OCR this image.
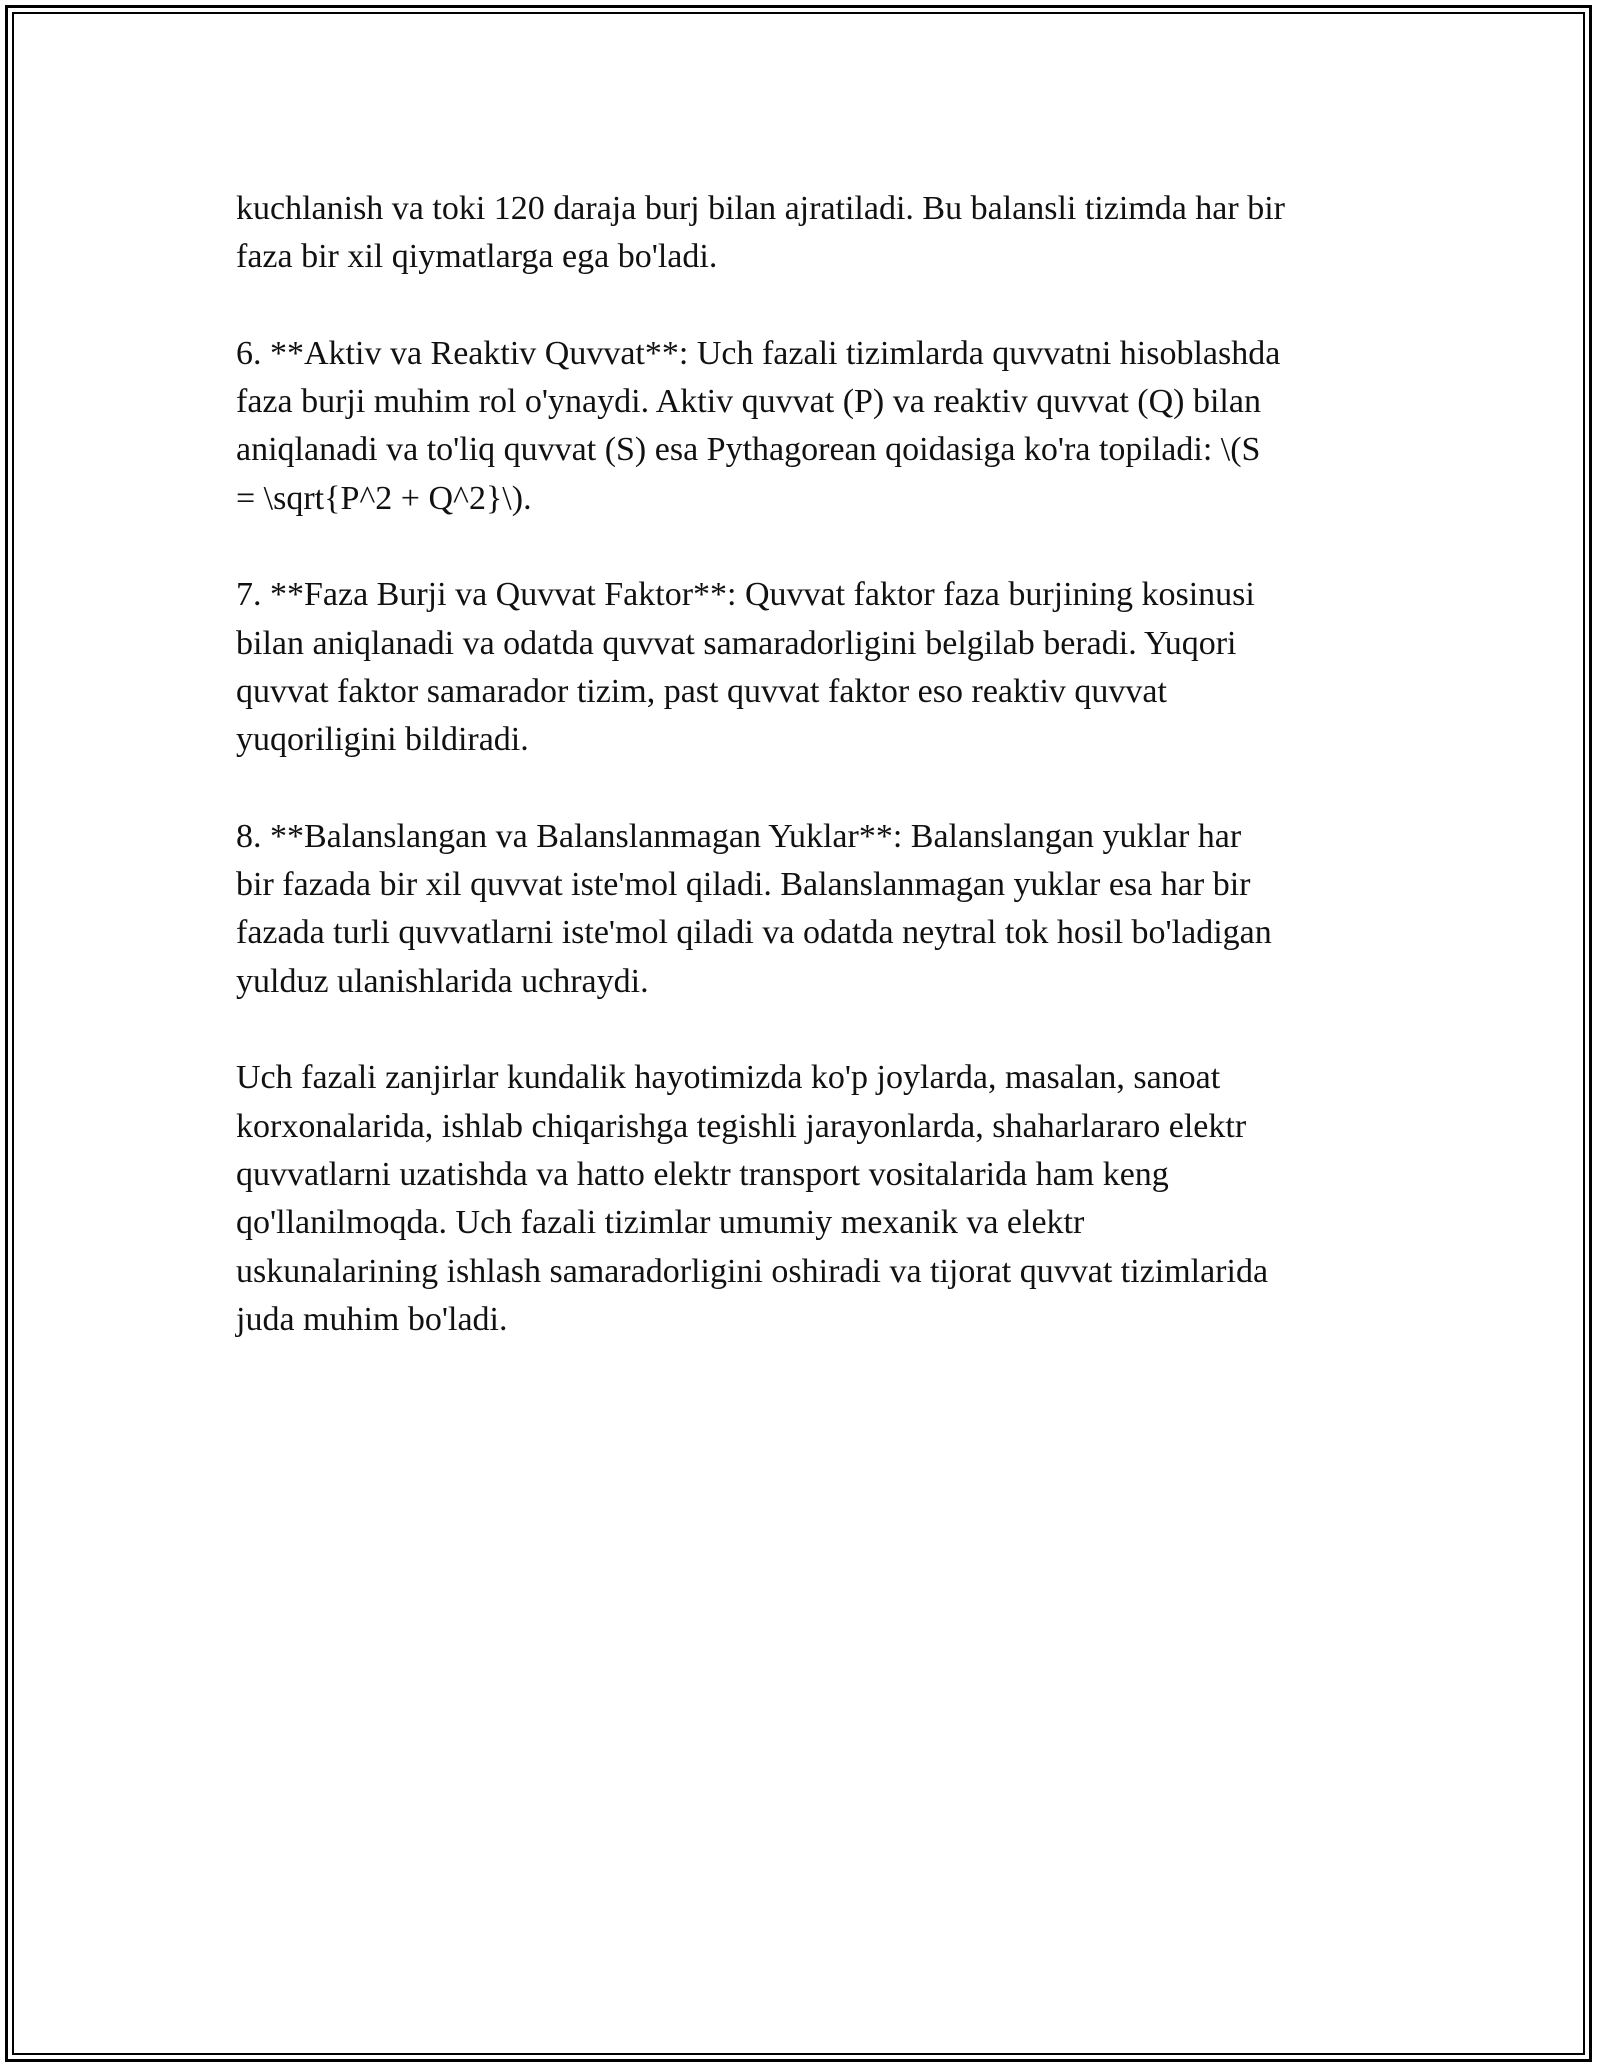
kuchlanish va toki 120 daraja burj bilan ajratiladi. Bu balansli tizimda har bir
faza bir xil qiymatlarga ega bo'ladi.

6. **Aktiv va Reaktiv Quvvat**: Uch fazali tizimlarda quvvatni hisoblashda
faza burji muhim rol o'ynaydi. Aktiv quvvat (P) va reaktiv quvvat (Q) bilan
aniqlanadi va to'liq quvvat (S) esa Pythagorean qoidasiga ko'ra topiladi: \(S
= \sqrt{P^2 + Q^2}\).

7. **Faza Burji va Quvvat Faktor**: Quvvat faktor faza burjining kosinusi
bilan aniqlanadi va odatda quvvat samaradorligini belgilab beradi. Yuqori
quvvat faktor samarador tizim, past quvvat faktor eso reaktiv quvvat
yuqoriligini bildiradi.

8. **Balanslangan va Balanslanmagan Yuklar**: Balanslangan yuklar har
bir fazada bir xil quvvat iste'mol qiladi. Balanslanmagan yuklar esa har bir
fazada turli quvvatlarni iste'mol qiladi va odatda neytral tok hosil bo'ladigan
yulduz ulanishlarida uchraydi.

Uch fazali zanjirlar kundalik hayotimizda ko'p joylarda, masalan, sanoat
korxonalarida, ishlab chiqarishga tegishli jarayonlarda, shaharlararo elektr
quvvatlarni uzatishda va hatto elektr transport vositalarida ham keng
qo'llanilmoqda. Uch fazali tizimlar umumiy mexanik va elektr
uskunalarining ishlash samaradorligini oshiradi va tijorat quvvat tizimlarida
juda muhim bo'ladi.
